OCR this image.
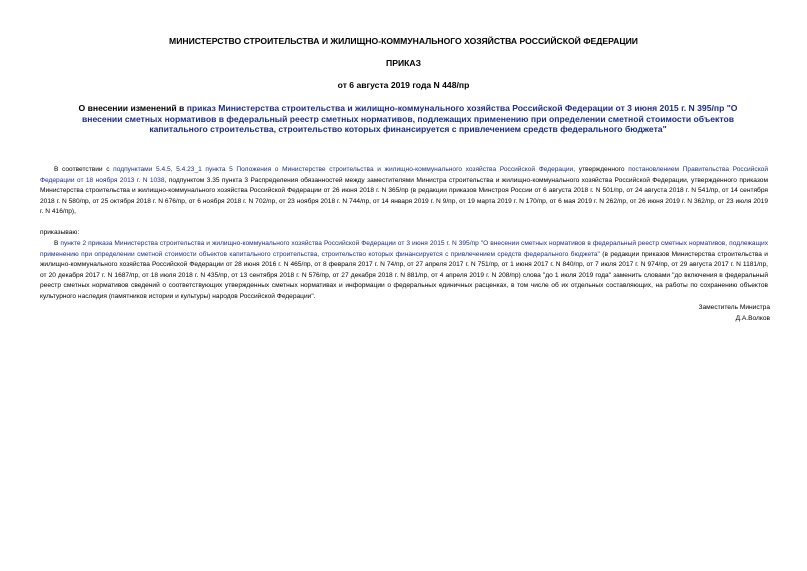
МИНИСТЕРСТВО СТРОИТЕЛЬСТВА И ЖИЛИЩНО-КОММУНАЛЬНОГО ХОЗЯЙСТВА РОССИЙСКОЙ ФЕДЕРАЦИИ
ПРИКАЗ
от 6 августа 2019 года N 448/пр
О внесении изменений в приказ Министерства строительства и жилищно-коммунального хозяйства Российской Федерации от 3 июня 2015 г. N 395/пр "О внесении сметных нормативов в федеральный реестр сметных нормативов, подлежащих применению при определении сметной стоимости объектов капитального строительства, строительство которых финансируется с привлечением средств федерального бюджета"
В соответствии с подпунктами 5.4.5, 5.4.23_1 пункта 5 Положения о Министерстве строительства и жилищно-коммунального хозяйства Российской Федерации, утвержденного постановлением Правительства Российской Федерации от 18 ноября 2013 г. N 1038, подпунктом 3.35 пункта 3 Распределения обязанностей между заместителями Министра строительства и жилищно-коммунального хозяйства Российской Федерации, утвержденного приказом Министерства строительства и жилищно-коммунального хозяйства Российской Федерации от 26 июня 2018 г. N 365/пр (в редакции приказов Минстроя России от 6 августа 2018 г. N 501/пр, от 24 августа 2018 г. N 541/пр, от 14 сентября 2018 г. N 580/пр, от 25 октября 2018 г. N 676/пр, от 6 ноября 2018 г. N 702/пр, от 23 ноября 2018 г. N 744/пр, от 14 января 2019 г. N 9/пр, от 19 марта 2019 г. N 170/пр, от 6 мая 2019 г. N 262/пр, от 26 июня 2019 г. N 362/пр, от 23 июля 2019 г. N 416/пр),
приказываю:
В пункте 2 приказа Министерства строительства и жилищно-коммунального хозяйства Российской Федерации от 3 июня 2015 г. N 395/пр "О внесении сметных нормативов в федеральный реестр сметных нормативов, подлежащих применению при определении сметной стоимости объектов капитального строительства, строительство которых финансируется с привлечением средств федерального бюджета" (в редакции приказов Министерства строительства и жилищно-коммунального хозяйства Российской Федерации от 28 июня 2016 г. N 465/пр, от 8 февраля 2017 г. N 74/пр, от 27 апреля 2017 г. N 751/пр, от 1 июня 2017 г. N 840/пр, от 7 июля 2017 г. N 974/пр, от 29 августа 2017 г. N 1181/пр, от 20 декабря 2017 г. N 1687/пр, от 18 июля 2018 г. N 435/пр, от 13 сентября 2018 г. N 576/пр, от 27 декабря 2018 г. N 881/пр, от 4 апреля 2019 г. N 208/пр) слова "до 1 июля 2019 года" заменить словами "до включения в федеральный реестр сметных нормативов сведений о соответствующих утвержденных сметных нормативах и информации о федеральных единичных расценках, в том числе об их отдельных составляющих, на работы по сохранению объектов культурного наследия (памятников истории и культуры) народов Российской Федерации".
Заместитель Министра
Д.А.Волков
